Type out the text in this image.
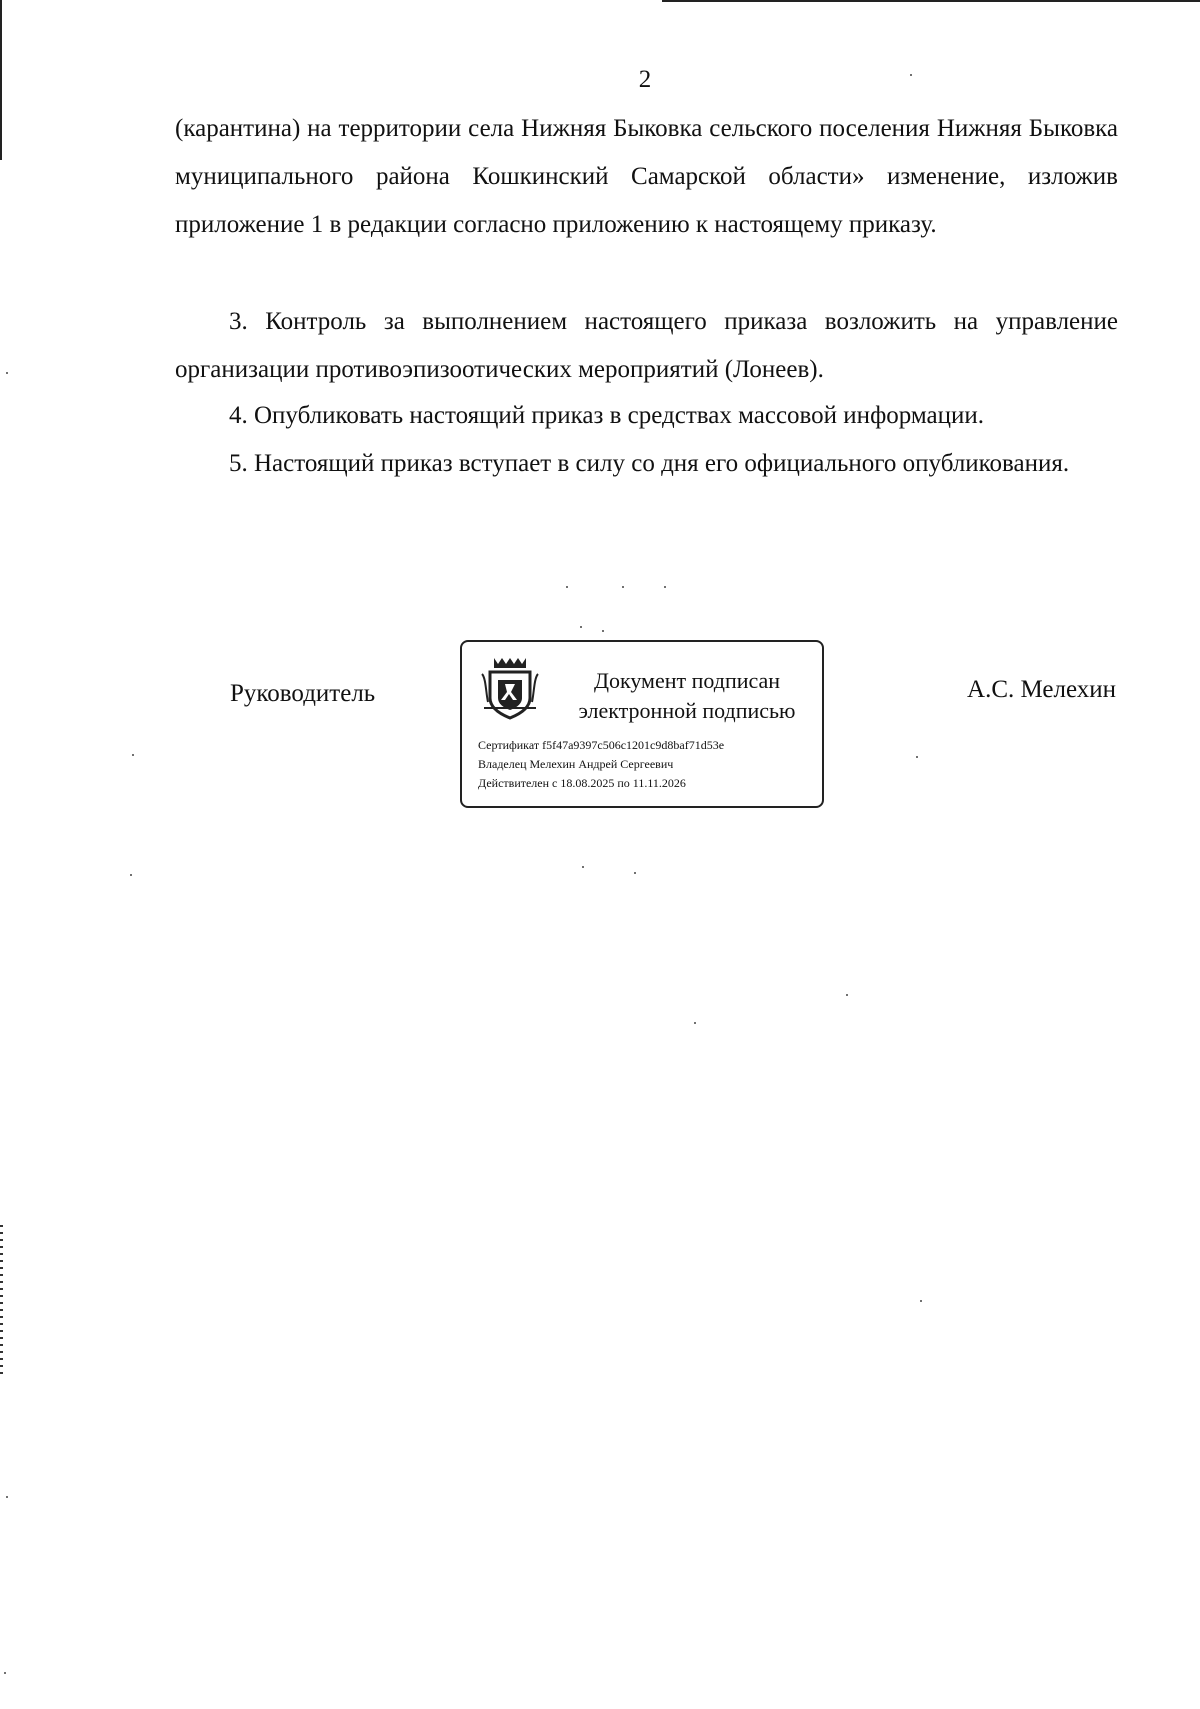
2

(карантина) на территории села Нижняя Быковка сельского поселения Нижняя Быковка муниципального района Кошкинский Самарской области» изменение, изложив приложение 1 в редакции согласно приложению к настоящему приказу.

3. Контроль за выполнением настоящего приказа возложить на управление организации противоэпизоотических мероприятий (Лонеев).

4. Опубликовать настоящий приказ в средствах массовой информации.

5. Настоящий приказ вступает в силу со дня его официального опубликования.

Руководитель	Документ подписан
электронной подписью
Сертификат f5f47a9397c506c1201c9d8baf71d53e
Владелец Мелехин Андрей Сергеевич
Действителен с 18.08.2025 по 11.11.2026
А.С. Мелехин
